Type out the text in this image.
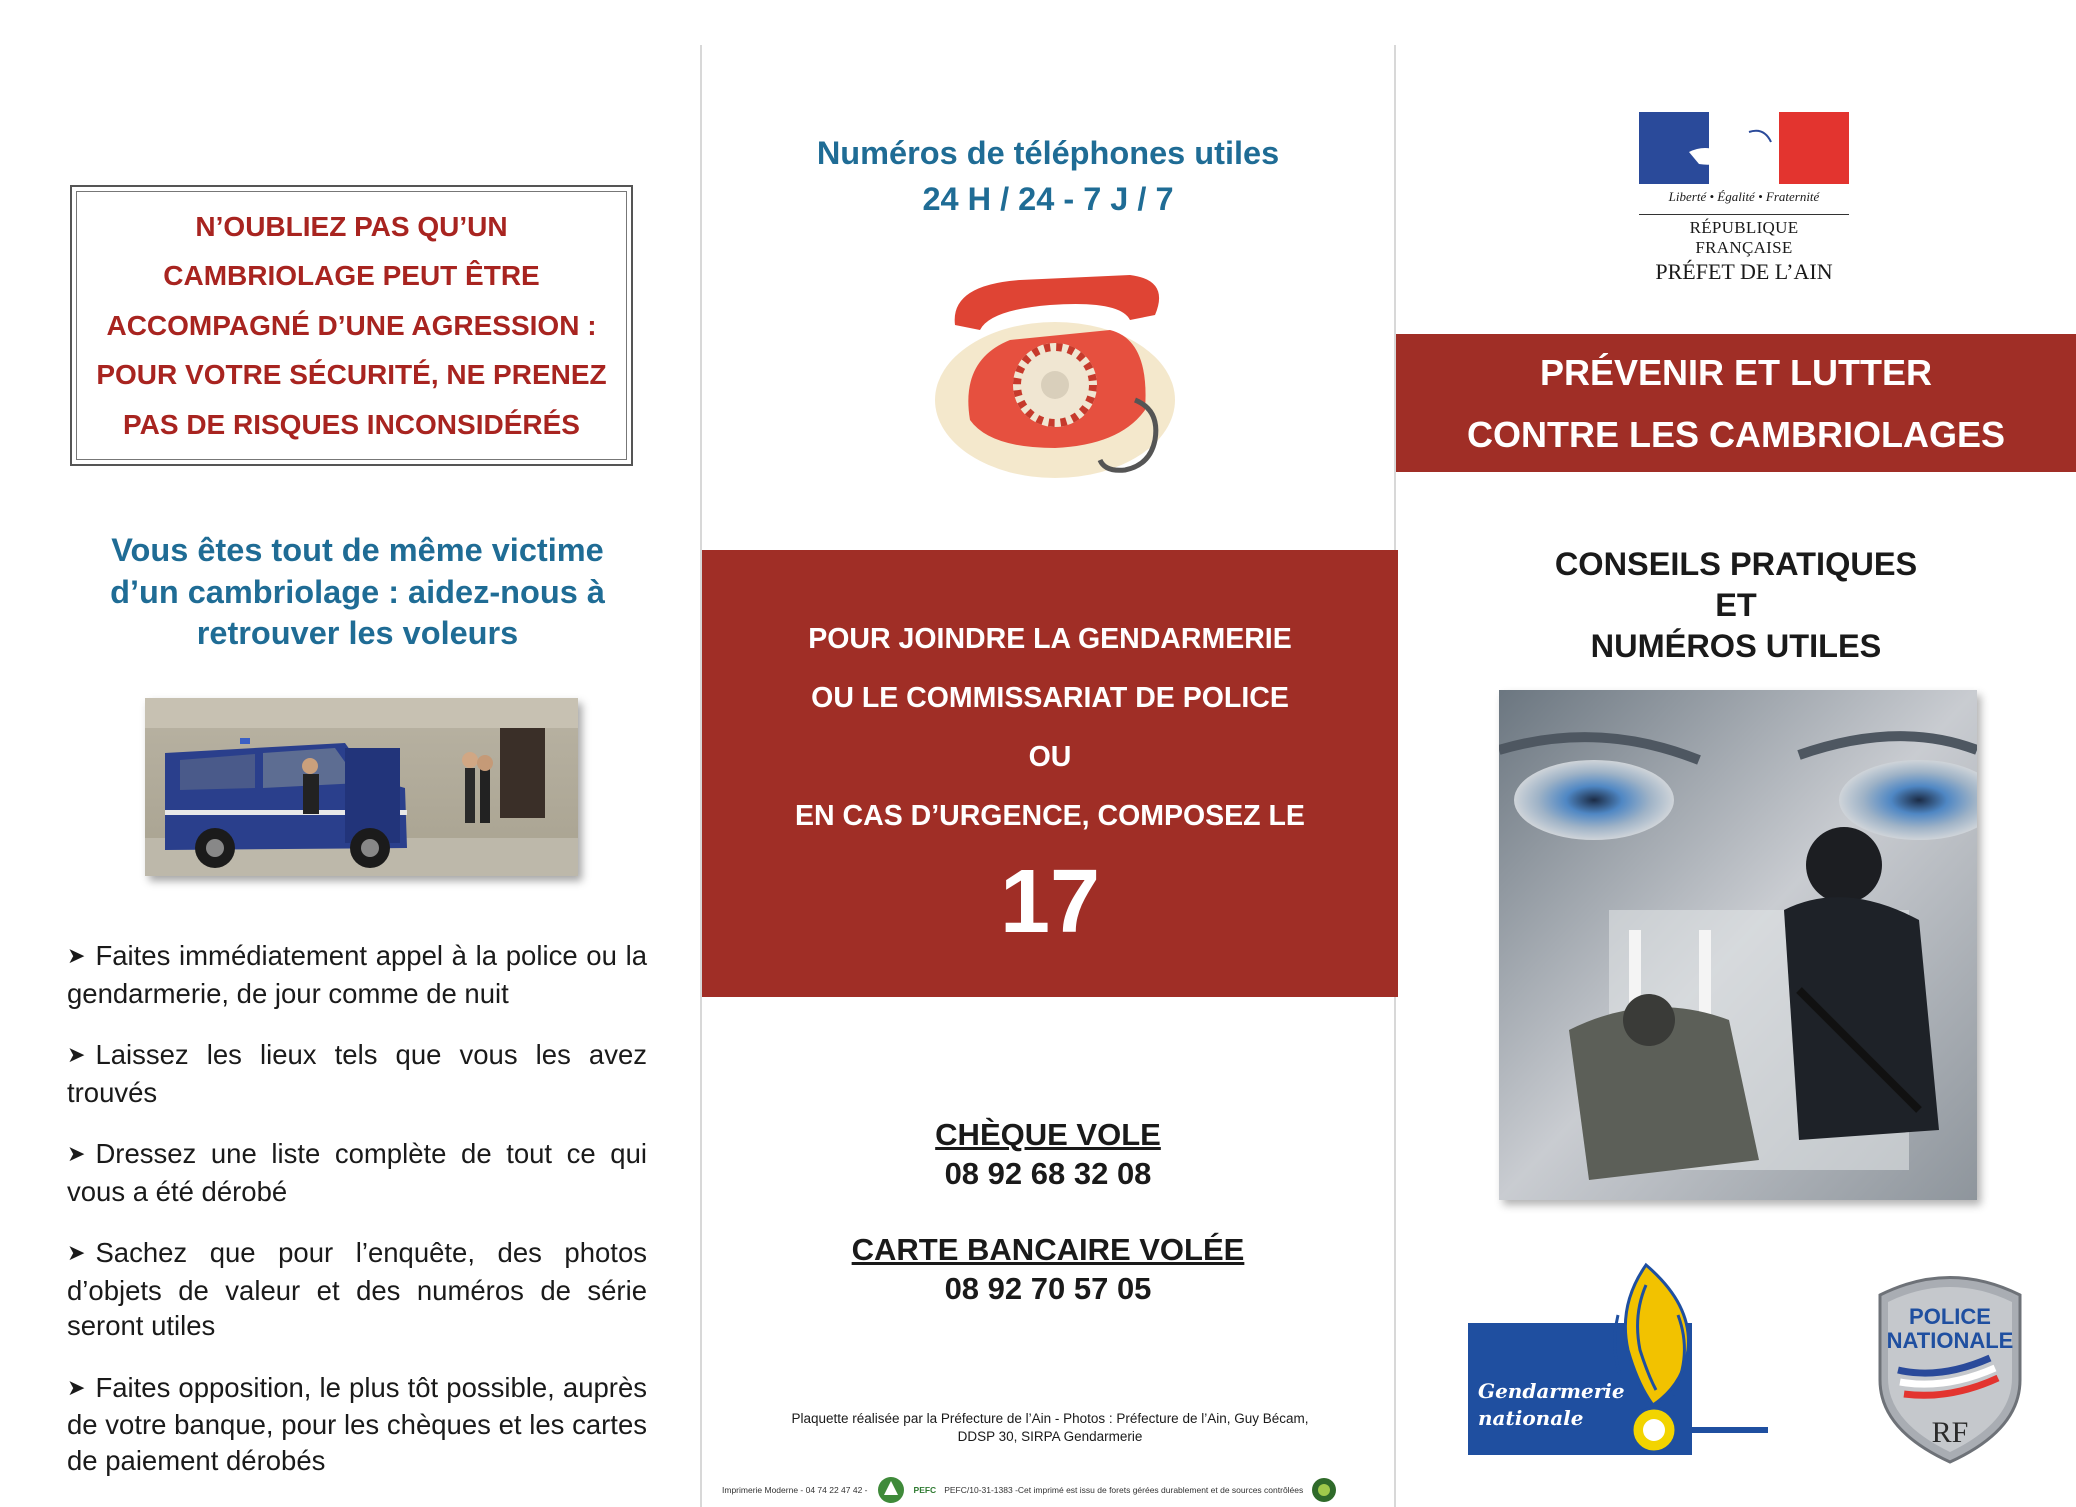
N’OUBLIEZ PAS QU’UN
CAMBRIOLAGE PEUT ÊTRE
ACCOMPAGNÉ D’UNE AGRESSION :
POUR VOTRE SÉCURITÉ, NE PRENEZ
PAS DE RISQUES INCONSIDÉRÉS
Vous êtes tout de même victime
d’un cambriolage : aidez-nous à
retrouver les voleurs

➤ Faites immédiatement appel à la police ou la gendarmerie, de jour comme de nuit

➤ Laissez les lieux tels que vous les avez trouvés

➤ Dressez une liste complète de tout ce qui vous a été dérobé

➤ Sachez que pour l’enquête, des photos d’objets de valeur et des numéros de série seront utiles

➤ Faites opposition, le plus tôt possible, auprès de votre banque, pour les chèques et les cartes de paiement dérobés

Numéros de téléphones utiles
24 H / 24 - 7 J / 7
POUR JOINDRE LA GENDARMERIE
OU LE COMMISSARIAT DE POLICE
OU
EN CAS D’URGENCE, COMPOSEZ LE
17
CHÈQUE VOLE
08 92 68 32 08
CARTE BANCAIRE VOLÉE
08 92 70 57 05
Plaquette réalisée par la Préfecture de l’Ain - Photos : Préfecture de l’Ain, Guy Bécam,
DDSP 30, SIRPA Gendarmerie
Imprimerie Moderne - 04 74 22 47 42 -	PEFC PEFC/10-31-1383 -Cet imprimé est issu de forets gérées durablement et de sources contrôlées
Liberté • Égalité • Fraternité
RÉPUBLIQUE FRANÇAISE
PRÉFET DE L’AIN
PRÉVENIR ET LUTTER
CONTRE LES CAMBRIOLAGES
CONSEILS PRATIQUES
ET
NUMÉROS UTILES
Gendarmerie
nationale
POLICE
NATIONALE
RF
